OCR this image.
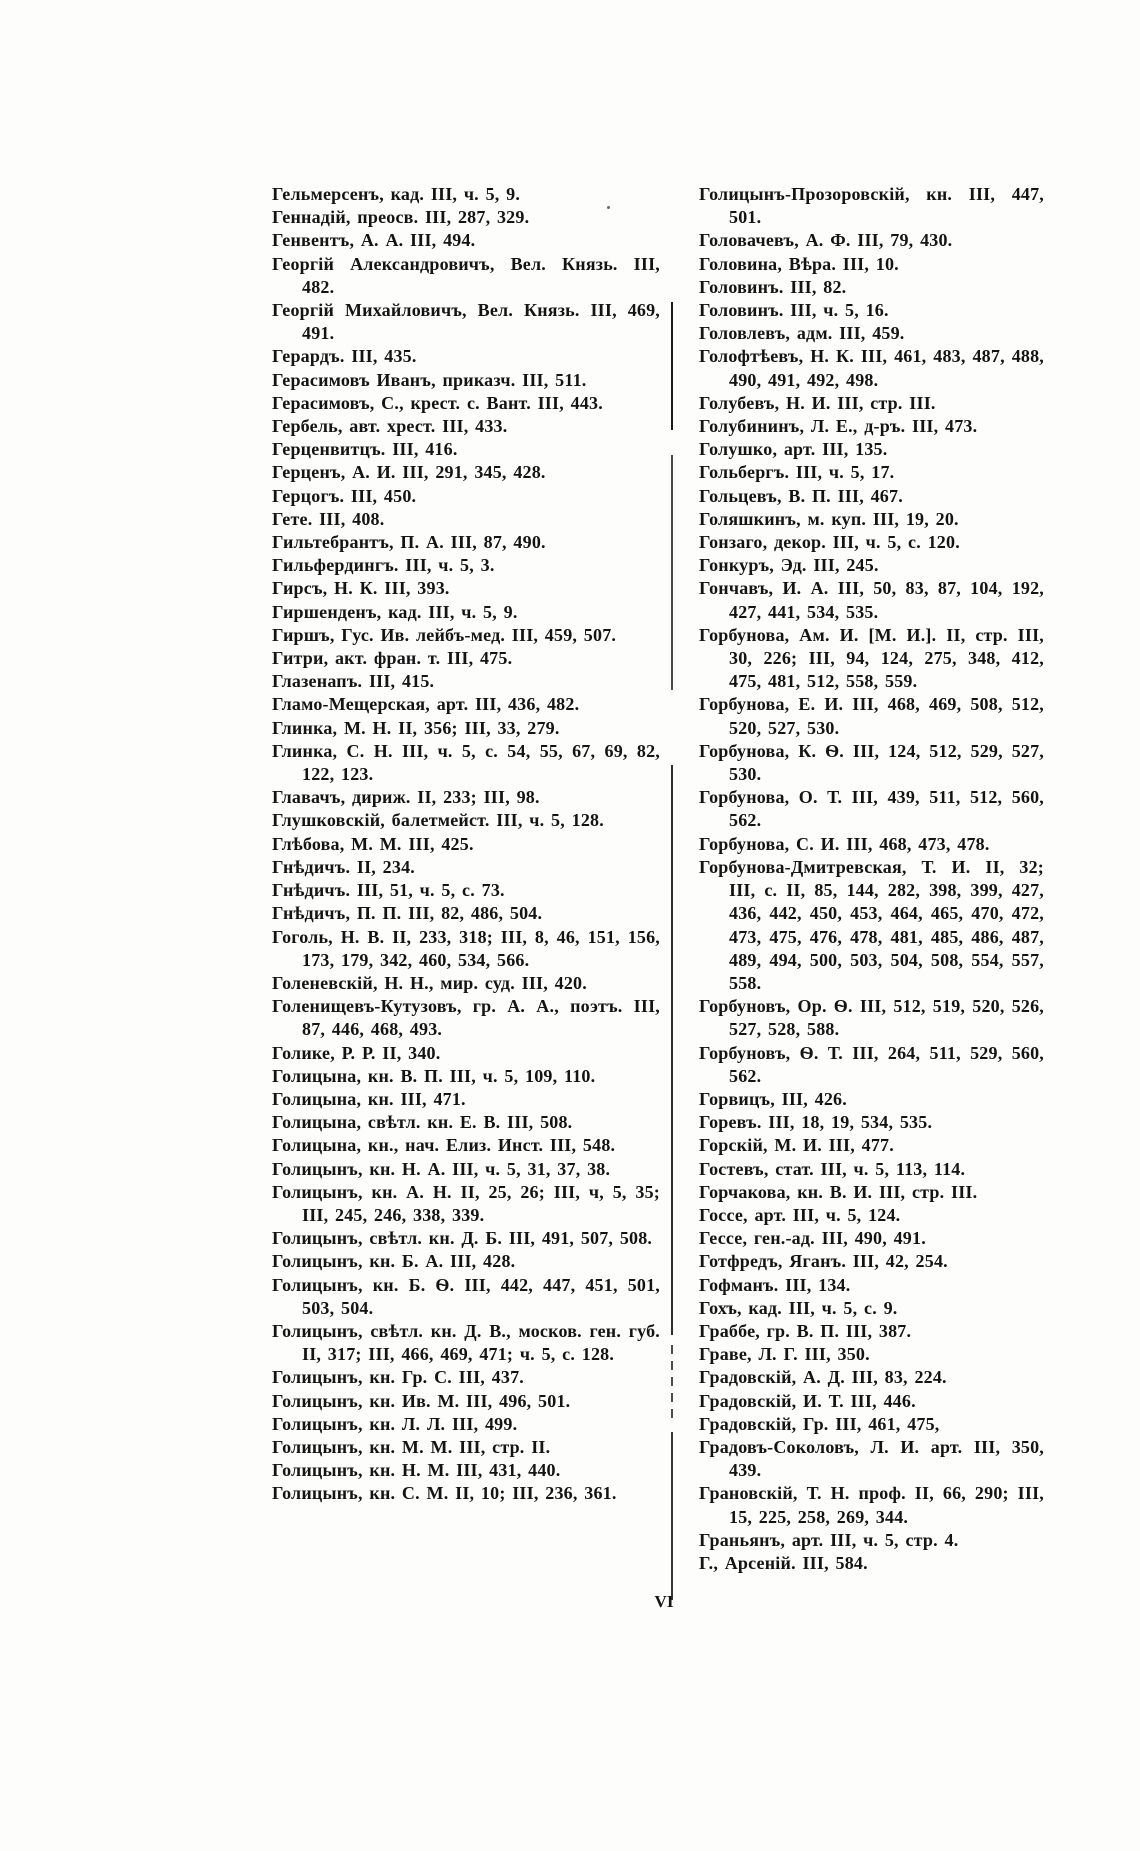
Гельмерсенъ, кад. III, ч. 5, 9.
Геннадій, преосв. III, 287, 329.
Генвентъ, А. А. III, 494.
Георгій Александровичъ, Вел. Князь. III, 482.
Георгій Михайловичъ, Вел. Князь. III, 469, 491.
Герардъ. III, 435.
Герасимовъ Иванъ, приказч. III, 511.
Герасимовъ, С., крест. с. Вант. III, 443.
Гербель, авт. хрест. III, 433.
Герценвитцъ. III, 416.
Герценъ, А. И. III, 291, 345, 428.
Герцогъ. III, 450.
Гете. III, 408.
Гильтебрантъ, П. А. III, 87, 490.
Гильфердингъ. III, ч. 5, 3.
Гирсъ, Н. К. III, 393.
Гиршенденъ, кад. III, ч. 5, 9.
Гиршъ, Гус. Ив. лейбъ-мед. III, 459, 507.
Гитри, акт. фран. т. III, 475.
Глазенапъ. III, 415.
Гламо-Мещерская, арт. III, 436, 482.
Глинка, М. Н. II, 356; III, 33, 279.
Глинка, С. Н. III, ч. 5, с. 54, 55, 67, 69, 82, 122, 123.
Главачъ, дириж. II, 233; III, 98.
Глушковскій, балетмейст. III, ч. 5, 128.
Глѣбова, М. М. III, 425.
Гнѣдичъ. II, 234.
Гнѣдичъ. III, 51, ч. 5, с. 73.
Гнѣдичъ, П. П. III, 82, 486, 504.
Гоголь, Н. В. II, 233, 318; III, 8, 46, 151, 156, 173, 179, 342, 460, 534, 566.
Голеневскій, Н. Н., мир. суд. III, 420.
Голенищевъ-Кутузовъ, гр. А. А., поэтъ. III, 87, 446, 468, 493.
Голике, Р. Р. II, 340.
Голицына, кн. В. П. III, ч. 5, 109, 110.
Голицына, кн. III, 471.
Голицына, свѣтл. кн. Е. В. III, 508.
Голицына, кн., нач. Елиз. Инст. III, 548.
Голицынъ, кн. Н. А. III, ч. 5, 31, 37, 38.
Голицынъ, кн. А. Н. II, 25, 26; III, ч, 5, 35; III, 245, 246, 338, 339.
Голицынъ, свѣтл. кн. Д. Б. III, 491, 507, 508.
Голицынъ, кн. Б. А. III, 428.
Голицынъ, кн. Б. Ѳ. III, 442, 447, 451, 501, 503, 504.
Голицынъ, свѣтл. кн. Д. В., москов. ген. губ. II, 317; III, 466, 469, 471; ч. 5, с. 128.
Голицынъ, кн. Гр. С. III, 437.
Голицынъ, кн. Ив. М. III, 496, 501.
Голицынъ, кн. Л. Л. III, 499.
Голицынъ, кн. М. М. III, стр. II.
Голицынъ, кн. Н. М. III, 431, 440.
Голицынъ, кн. С. М. II, 10; III, 236, 361.
Голицынъ-Прозоровскій, кн. III, 447, 501.
Головачевъ, А. Ф. III, 79, 430.
Головина, Вѣра. III, 10.
Головинъ. III, 82.
Головинъ. III, ч. 5, 16.
Головлевъ, адм. III, 459.
Голофтѣевъ, Н. К. III, 461, 483, 487, 488, 490, 491, 492, 498.
Голубевъ, Н. И. III, стр. III.
Голубининъ, Л. Е., д-ръ. III, 473.
Голушко, арт. III, 135.
Гольбергъ. III, ч. 5, 17.
Гольцевъ, В. П. III, 467.
Голяшкинъ, м. куп. III, 19, 20.
Гонзаго, декор. III, ч. 5, с. 120.
Гонкуръ, Эд. III, 245.
Гончавъ, И. А. III, 50, 83, 87, 104, 192, 427, 441, 534, 535.
Горбунова, Ам. И. [М. И.]. II, стр. III, 30, 226; III, 94, 124, 275, 348, 412, 475, 481, 512, 558, 559.
Горбунова, Е. И. III, 468, 469, 508, 512, 520, 527, 530.
Горбунова, К. Ѳ. III, 124, 512, 529, 527, 530.
Горбунова, О. Т. III, 439, 511, 512, 560, 562.
Горбунова, С. И. III, 468, 473, 478.
Горбунова-Дмитревская, Т. И. II, 32; III, с. II, 85, 144, 282, 398, 399, 427, 436, 442, 450, 453, 464, 465, 470, 472, 473, 475, 476, 478, 481, 485, 486, 487, 489, 494, 500, 503, 504, 508, 554, 557, 558.
Горбуновъ, Ор. Ѳ. III, 512, 519, 520, 526, 527, 528, 588.
Горбуновъ, Ѳ. Т. III, 264, 511, 529, 560, 562.
Горвицъ, III, 426.
Горевъ. III, 18, 19, 534, 535.
Горскій, М. И. III, 477.
Гостевъ, стат. III, ч. 5, 113, 114.
Горчакова, кн. В. И. III, стр. III.
Госсе, арт. III, ч. 5, 124.
Гессе, ген.-ад. III, 490, 491.
Готфредъ, Яганъ. III, 42, 254.
Гофманъ. III, 134.
Гохъ, кад. III, ч. 5, с. 9.
Граббе, гр. В. П. III, 387.
Граве, Л. Г. III, 350.
Градовскій, А. Д. III, 83, 224.
Градовскій, И. Т. III, 446.
Градовскій, Гр. III, 461, 475,
Градовъ-Соколовъ, Л. И. арт. III, 350, 439.
Грановскій, Т. Н. проф. II, 66, 290; III, 15, 225, 258, 269, 344.
Граньянъ, арт. III, ч. 5, стр. 4.
Г., Арсеній. III, 584.
VI
